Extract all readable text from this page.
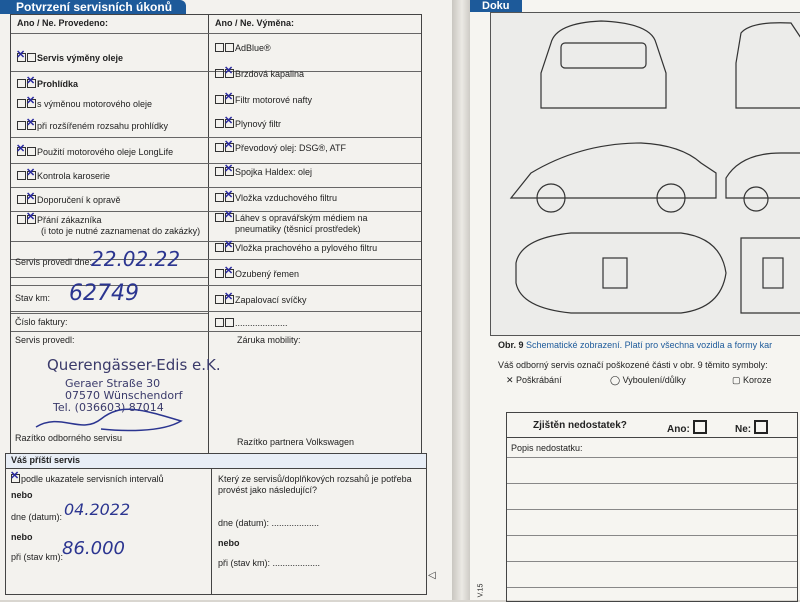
Potvrzení servisních úkonů
Ano / Ne. Provedeno:	Ano / Ne. Výměna:
✕Servis výměny oleje
✕Prohlídka
✕s výměnou motorového oleje
✕při rozšířeném rozsahu prohlídky
✕Použití motorového oleje LongLife
✕Kontrola karoserie
✕Doporučení k opravě
✕Přání zákazníka
(i toto je nutné zaznamenat do zakázky)
AdBlue®
✕Brzdová kapalina
✕Filtr motorové nafty
✕Plynový filtr
✕Převodový olej: DSG®, ATF
✕Spojka Haldex: olej
✕Vložka vzduchového filtru
✕Láhev s opravářským médiem na
pneumatiky (těsnicí prostředek)
✕Vložka prachového a pylového filtru
✕Ozubený řemen
✕Zapalovací svíčky
.....................
Servis provedl dne:
22.02.22
Stav km: 62749
Číslo faktury:
Servis provedl:	Záruka mobility:
Querengässer-Edis e.K.
Geraer Straße 30
07570 Wünschendorf
Tel. (036603) 87014
Razítko odborného servisu	Razítko partnera Volkswagen
Váš příští servis
✕podle ukazatele servisních intervalů
nebo
dne (datum): 04.2022
nebo
při (stav km):
86.000
Který ze servisů/doplňkových rozsahů je potřeba
provést jako následující?
dne (datum): ...................
nebo
při (stav km): ...................
◁
Doku
Obr. 9 Schematické zobrazení. Platí pro všechna vozidla a formy kar
Váš odborný servis označí poškozené části v obr. 9 těmito symboly:
✕ Poškrábání	◯ Vyboulení/důlky	▢ Koroze
Zjištěn nedostatek?	Ano:	Ne:
Popis nedostatku:
V.15
